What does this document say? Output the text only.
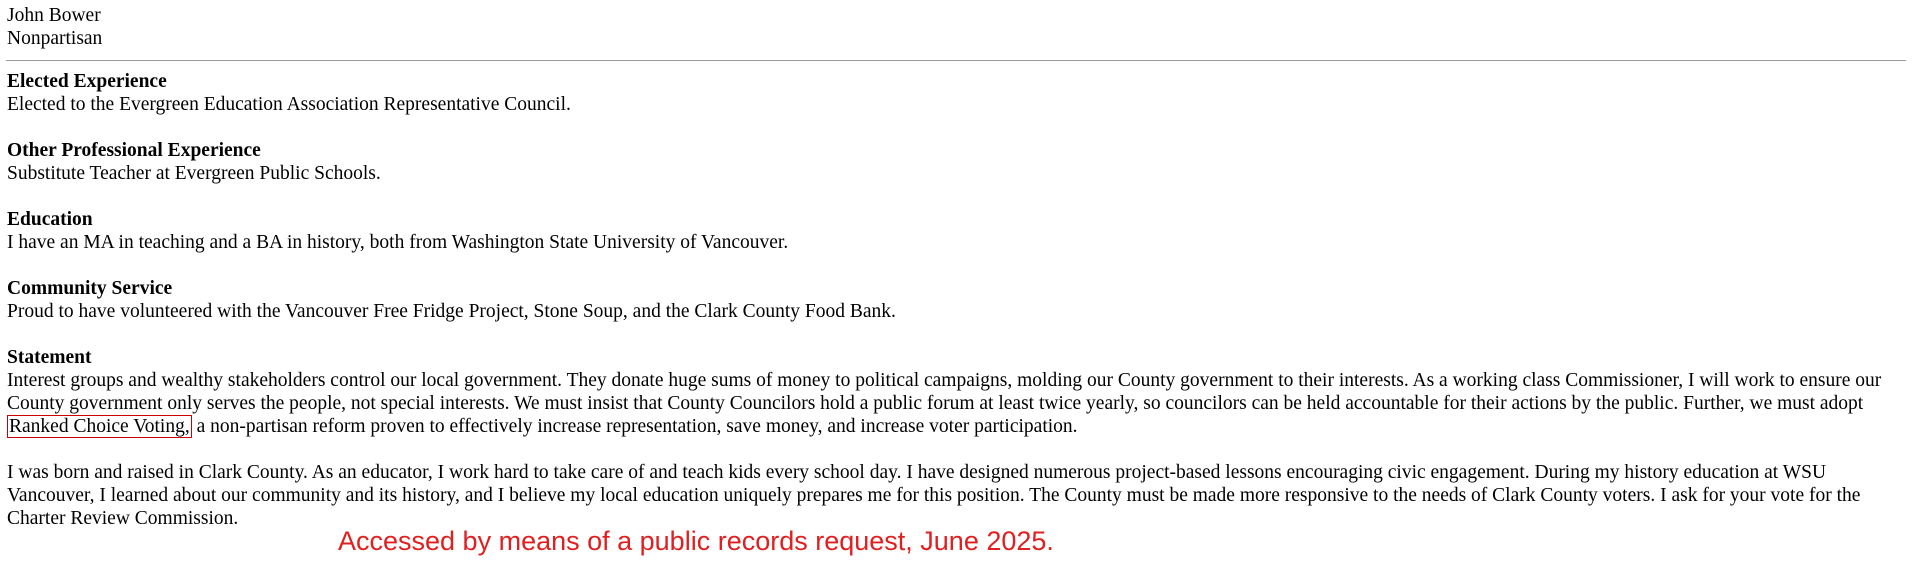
John Bower
Nonpartisan
Elected Experience
Elected to the Evergreen Education Association Representative Council.
Other Professional Experience
Substitute Teacher at Evergreen Public Schools.
Education
I have an MA in teaching and a BA in history, both from Washington State University of Vancouver.
Community Service
Proud to have volunteered with the Vancouver Free Fridge Project, Stone Soup, and the Clark County Food Bank.
Statement
Interest groups and wealthy stakeholders control our local government. They donate huge sums of money to political campaigns, molding our County government to their interests. As a working class Commissioner, I will work to ensure our County government only serves the people, not special interests. We must insist that County Councilors hold a public forum at least twice yearly, so councilors can be held accountable for their actions by the public. Further, we must adopt Ranked Choice Voting, a non-partisan reform proven to effectively increase representation, save money, and increase voter participation.
I was born and raised in Clark County. As an educator, I work hard to take care of and teach kids every school day. I have designed numerous project-based lessons encouraging civic engagement. During my history education at WSU Vancouver, I learned about our community and its history, and I believe my local education uniquely prepares me for this position. The County must be made more responsive to the needs of Clark County voters. I ask for your vote for the Charter Review Commission.
Accessed by means of a public records request, June 2025.
